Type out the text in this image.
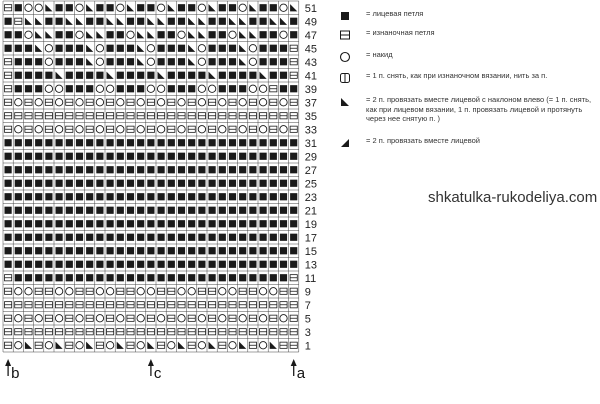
1
3
5
7
9
11
13
15
17
19
21
23
25
27
29
31
33
35
37
39
41
43
45
47
49
51
b	c	a
= лицевая петля
= изнаночная петля
= накид
= 1 п. снять, как при изнаночном вязании, нить за п.
= 2 п. провязать вместе лицевой с наклоном влево (= 1 п. снять, как при лицевом вязании, 1 п. провязать лицевой и протянуть через нее снятую п. )
= 2 п. провязать вместе лицевой
shkatulka-rukodeliya.com
